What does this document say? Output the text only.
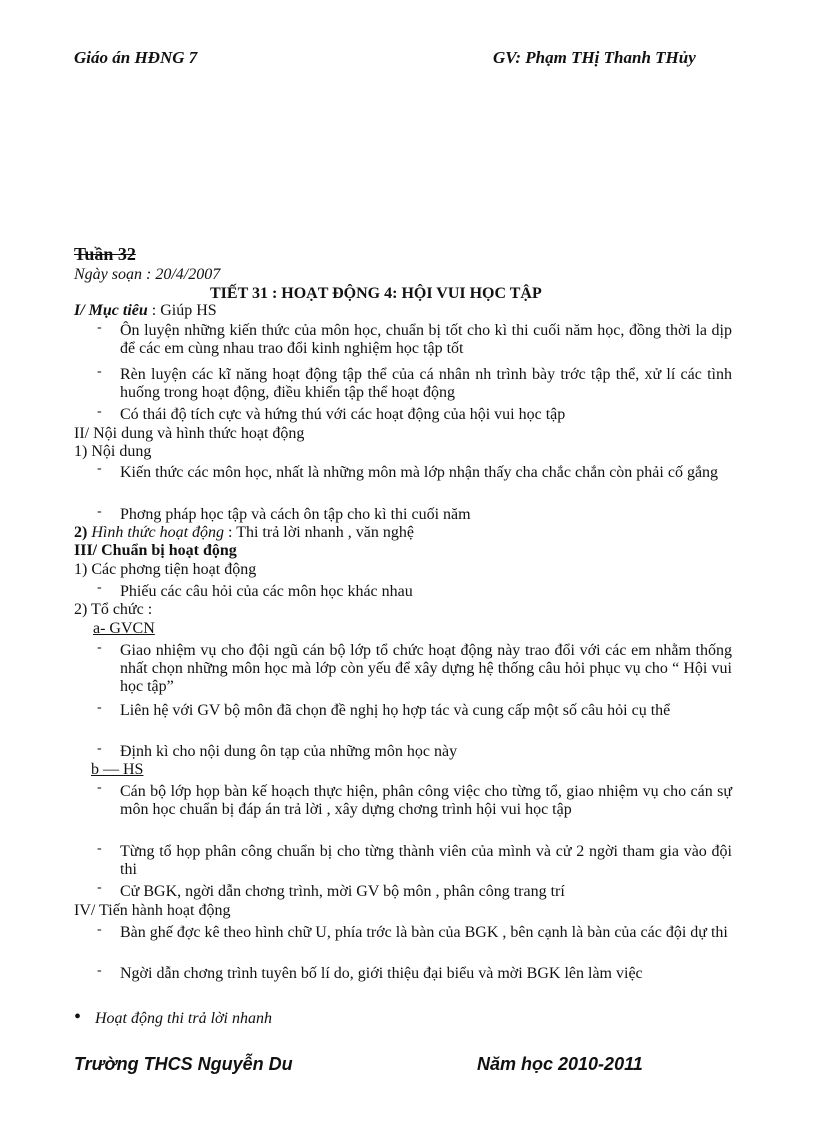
Giáo án HĐNG 7	GV: Phạm THị Thanh THủy
Tuần 32
Ngày soạn : 20/4/2007
TIẾT 31 : HOẠT ĐỘNG 4: HỘI VUI HỌC TẬP
I/ Mục tiêu : Giúp HS
- Ôn luyện những kiến thức của môn học, chuẩn bị tốt cho kì thi cuối năm học, đồng thời la dịp để các em cùng nhau trao đổi kinh nghiệm học tập tốt
- Rèn luyện các kĩ năng hoạt động tập thể của cá nhân nh trình bày trớc tập thể, xử lí các tình huống trong hoạt động, điều khiển tập thể hoạt động
- Có thái độ tích cực và hứng thú với các hoạt động của hội vui học tập
II/ Nội dung và hình thức hoạt động
1) Nội dung
- Kiến thức các môn học, nhất là những môn mà lớp nhận thấy cha chắc chắn còn phải cố gắng
- Phơng pháp học tập và cách ôn tập cho kì thi cuối năm
2) Hình thức hoạt động : Thi trả lời nhanh , văn nghệ
III/ Chuẩn bị hoạt động
1) Các phơng tiện hoạt động
- Phiếu các câu hỏi của các môn học khác nhau
2) Tổ chức :
a- GVCN
- Giao nhiệm vụ cho đội ngũ cán bộ lớp tổ chức hoạt động này trao đổi với các em nhằm thống nhất chọn những môn học mà lớp còn yếu để xây dựng hệ thống câu hỏi phục vụ cho “ Hội vui học tập”
- Liên hệ với GV bộ môn đã chọn đề nghị họ hợp tác và cung cấp một số câu hỏi cụ thể
- Định kì cho nội dung ôn tạp của những môn học này
b — HS
- Cán bộ lớp họp bàn kế hoạch thực hiện, phân công việc cho từng tổ, giao nhiệm vụ cho cán sự môn học chuẩn bị đáp án trả lời , xây dựng chơng trình hội vui học tập
- Từng tổ họp phân công chuẩn bị cho từng thành viên của mình và cử 2 ngời tham gia vào đội thi
- Cử BGK, ngời dẫn chơng trình, mời GV bộ môn , phân công trang trí
IV/ Tiến hành hoạt động
- Bàn ghế đợc kê theo hình chữ U, phía trớc là bàn của BGK , bên cạnh là bàn của các đội dự thi
- Ngời dẫn chơng trình tuyên bố lí do, giới thiệu đại biểu và mời BGK lên làm việc
• Hoạt động thi trả lời nhanh
Trường THCS Nguyễn Du	Năm học 2010-2011
